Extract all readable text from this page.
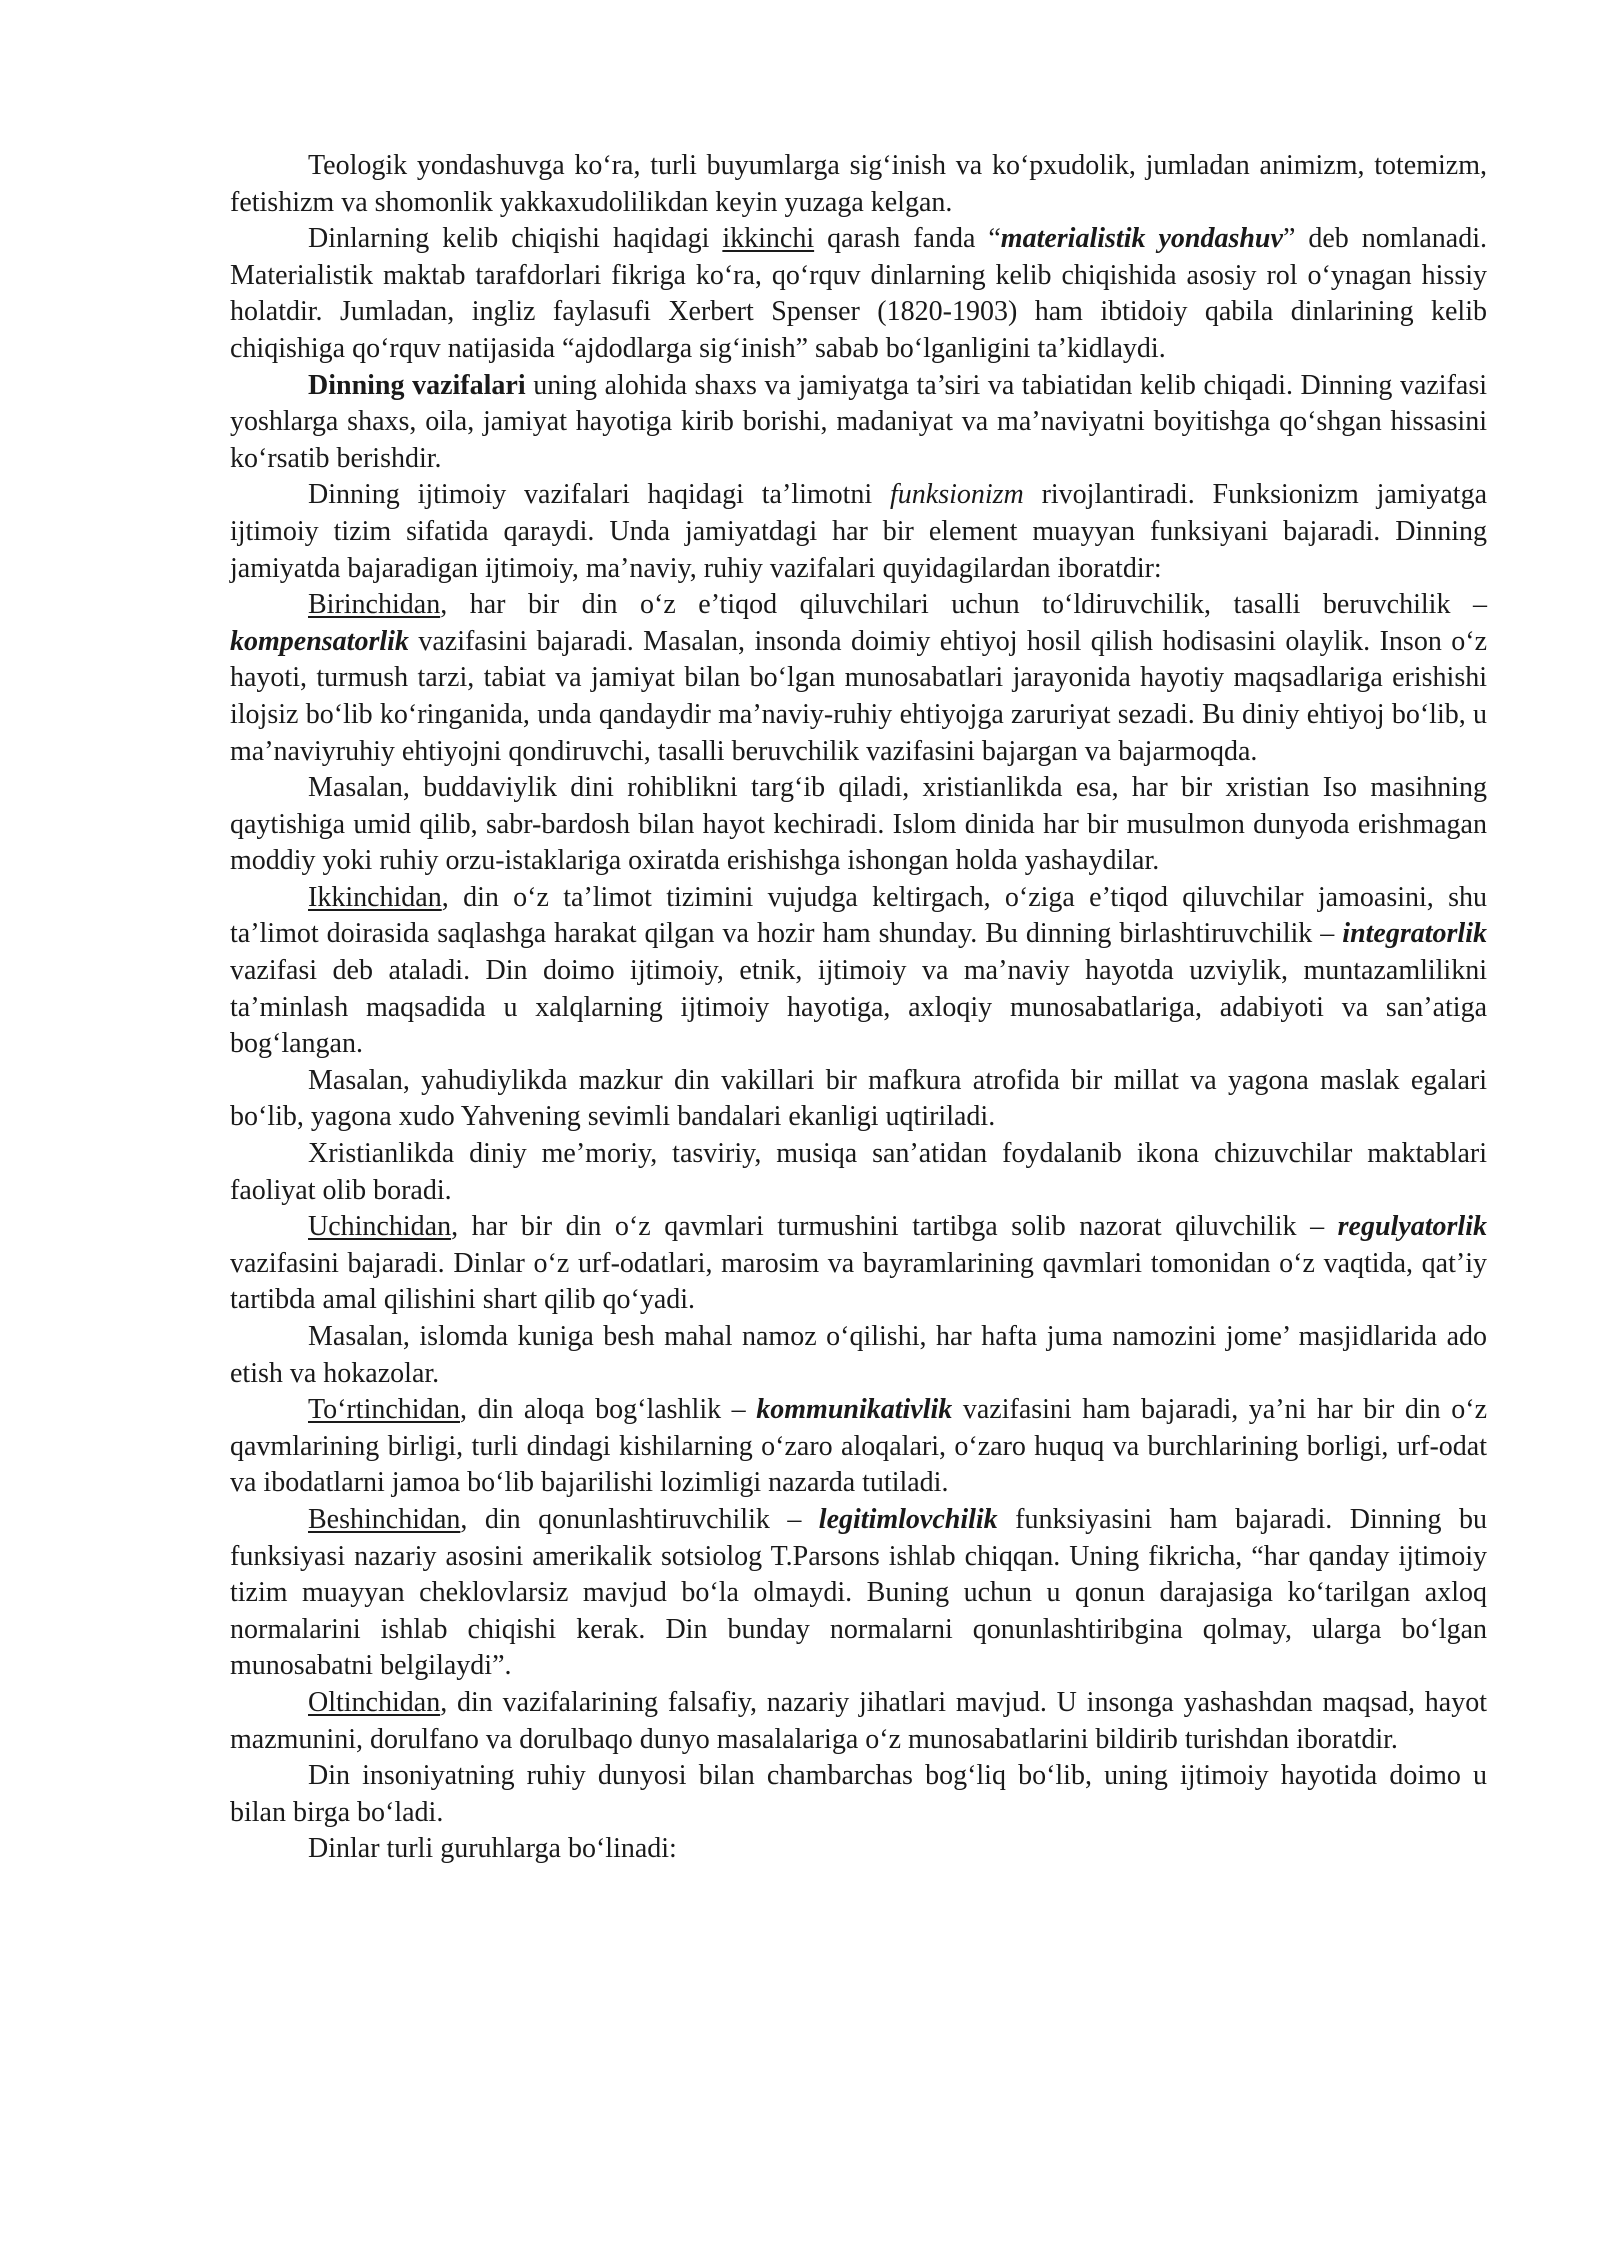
Teologik yondashuvga ko‘ra, turli buyumlarga sig‘inish va ko‘pxudolik, jumladan animizm, totemizm, fetishizm va shomonlik yakkaxudolilikdan keyin yuzaga kelgan.

Dinlarning kelib chiqishi haqidagi ikkinchi qarash fanda “materialistik yondashuv” deb nomlanadi. Materialistik maktab tarafdorlari fikriga ko‘ra, qo‘rquv dinlarning kelib chiqishida asosiy rol o‘ynagan hissiy holatdir. Jumladan, ingliz faylasufi Xerbert Spenser (1820-1903) ham ibtidoiy qabila dinlarining kelib chiqishiga qo‘rquv natijasida “ajdodlarga sig‘inish” sabab bo‘lganligini ta’kidlaydi.

Dinning vazifalari uning alohida shaxs va jamiyatga ta’siri va tabiatidan kelib chiqadi. Dinning vazifasi yoshlarga shaxs, oila, jamiyat hayotiga kirib borishi, madaniyat va ma’naviyatni boyitishga qo‘shgan hissasini ko‘rsatib berishdir.

Dinning ijtimoiy vazifalari haqidagi ta’limotni funksionizm rivojlantiradi. Funksionizm jamiyatga ijtimoiy tizim sifatida qaraydi. Unda jamiyatdagi har bir element muayyan funksiyani bajaradi. Dinning jamiyatda bajaradigan ijtimoiy, ma’naviy, ruhiy vazifalari quyidagilardan iboratdir:

Birinchidan, har bir din o‘z e’tiqod qiluvchilari uchun to‘ldiruvchilik, tasalli beruvchilik – kompensatorlik vazifasini bajaradi. Masalan, insonda doimiy ehtiyoj hosil qilish hodisasini olaylik. Inson o‘z hayoti, turmush tarzi, tabiat va jamiyat bilan bo‘lgan munosabatlari jarayonida hayotiy maqsadlariga erishishi ilojsiz bo‘lib ko‘ringanida, unda qandaydir ma’naviy-ruhiy ehtiyojga zaruriyat sezadi. Bu diniy ehtiyoj bo‘lib, u ma’naviyruhiy ehtiyojni qondiruvchi, tasalli beruvchilik vazifasini bajargan va bajarmoqda.

Masalan, buddaviylik dini rohiblikni targ‘ib qiladi, xristianlikda esa, har bir xristian Iso masihning qaytishiga umid qilib, sabr-bardosh bilan hayot kechiradi. Islom dinida har bir musulmon dunyoda erishmagan moddiy yoki ruhiy orzu-istaklariga oxiratda erishishga ishongan holda yashaydilar.

Ikkinchidan, din o‘z ta’limot tizimini vujudga keltirgach, o‘ziga e’tiqod qiluvchilar jamoasini, shu ta’limot doirasida saqlashga harakat qilgan va hozir ham shunday. Bu dinning birlashtiruvchilik – integratorlik vazifasi deb ataladi. Din doimo ijtimoiy, etnik, ijtimoiy va ma’naviy hayotda uzviylik, muntazamlilikni ta’minlash maqsadida u xalqlarning ijtimoiy hayotiga, axloqiy munosabatlariga, adabiyoti va san’atiga bog‘langan.

Masalan, yahudiylikda mazkur din vakillari bir mafkura atrofida bir millat va yagona maslak egalari bo‘lib, yagona xudo Yahvening sevimli bandalari ekanligi uqtiriladi.

Xristianlikda diniy me’moriy, tasviriy, musiqa san’atidan foydalanib ikona chizuvchilar maktablari faoliyat olib boradi.

Uchinchidan, har bir din o‘z qavmlari turmushini tartibga solib nazorat qiluvchilik – regulyatorlik vazifasini bajaradi. Dinlar o‘z urf-odatlari, marosim va bayramlarining qavmlari tomonidan o‘z vaqtida, qat’iy tartibda amal qilishini shart qilib qo‘yadi.

Masalan, islomda kuniga besh mahal namoz o‘qilishi, har hafta juma namozini jome’ masjidlarida ado etish va hokazolar.

To‘rtinchidan, din aloqa bog‘lashlik – kommunikativlik vazifasini ham bajaradi, ya’ni har bir din o‘z qavmlarining birligi, turli dindagi kishilarning o‘zaro aloqalari, o‘zaro huquq va burchlarining borligi, urf-odat va ibodatlarni jamoa bo‘lib bajarilishi lozimligi nazarda tutiladi.

Beshinchidan, din qonunlashtiruvchilik – legitimlovchilik funksiyasini ham bajaradi. Dinning bu funksiyasi nazariy asosini amerikalik sotsiolog T.Parsons ishlab chiqqan. Uning fikricha, “har qanday ijtimoiy tizim muayyan cheklovlarsiz mavjud bo‘la olmaydi. Buning uchun u qonun darajasiga ko‘tarilgan axloq normalarini ishlab chiqishi kerak. Din bunday normalarni qonunlashtiribgina qolmay, ularga bo‘lgan munosabatni belgilaydi”.

Oltinchidan, din vazifalarining falsafiy, nazariy jihatlari mavjud. U insonga yashashdan maqsad, hayot mazmunini, dorulfano va dorulbaqo dunyo masalalariga o‘z munosabatlarini bildirib turishdan iboratdir.

Din insoniyatning ruhiy dunyosi bilan chambarchas bog‘liq bo‘lib, uning ijtimoiy hayotida doimo u bilan birga bo‘ladi.

Dinlar turli guruhlarga bo‘linadi:
